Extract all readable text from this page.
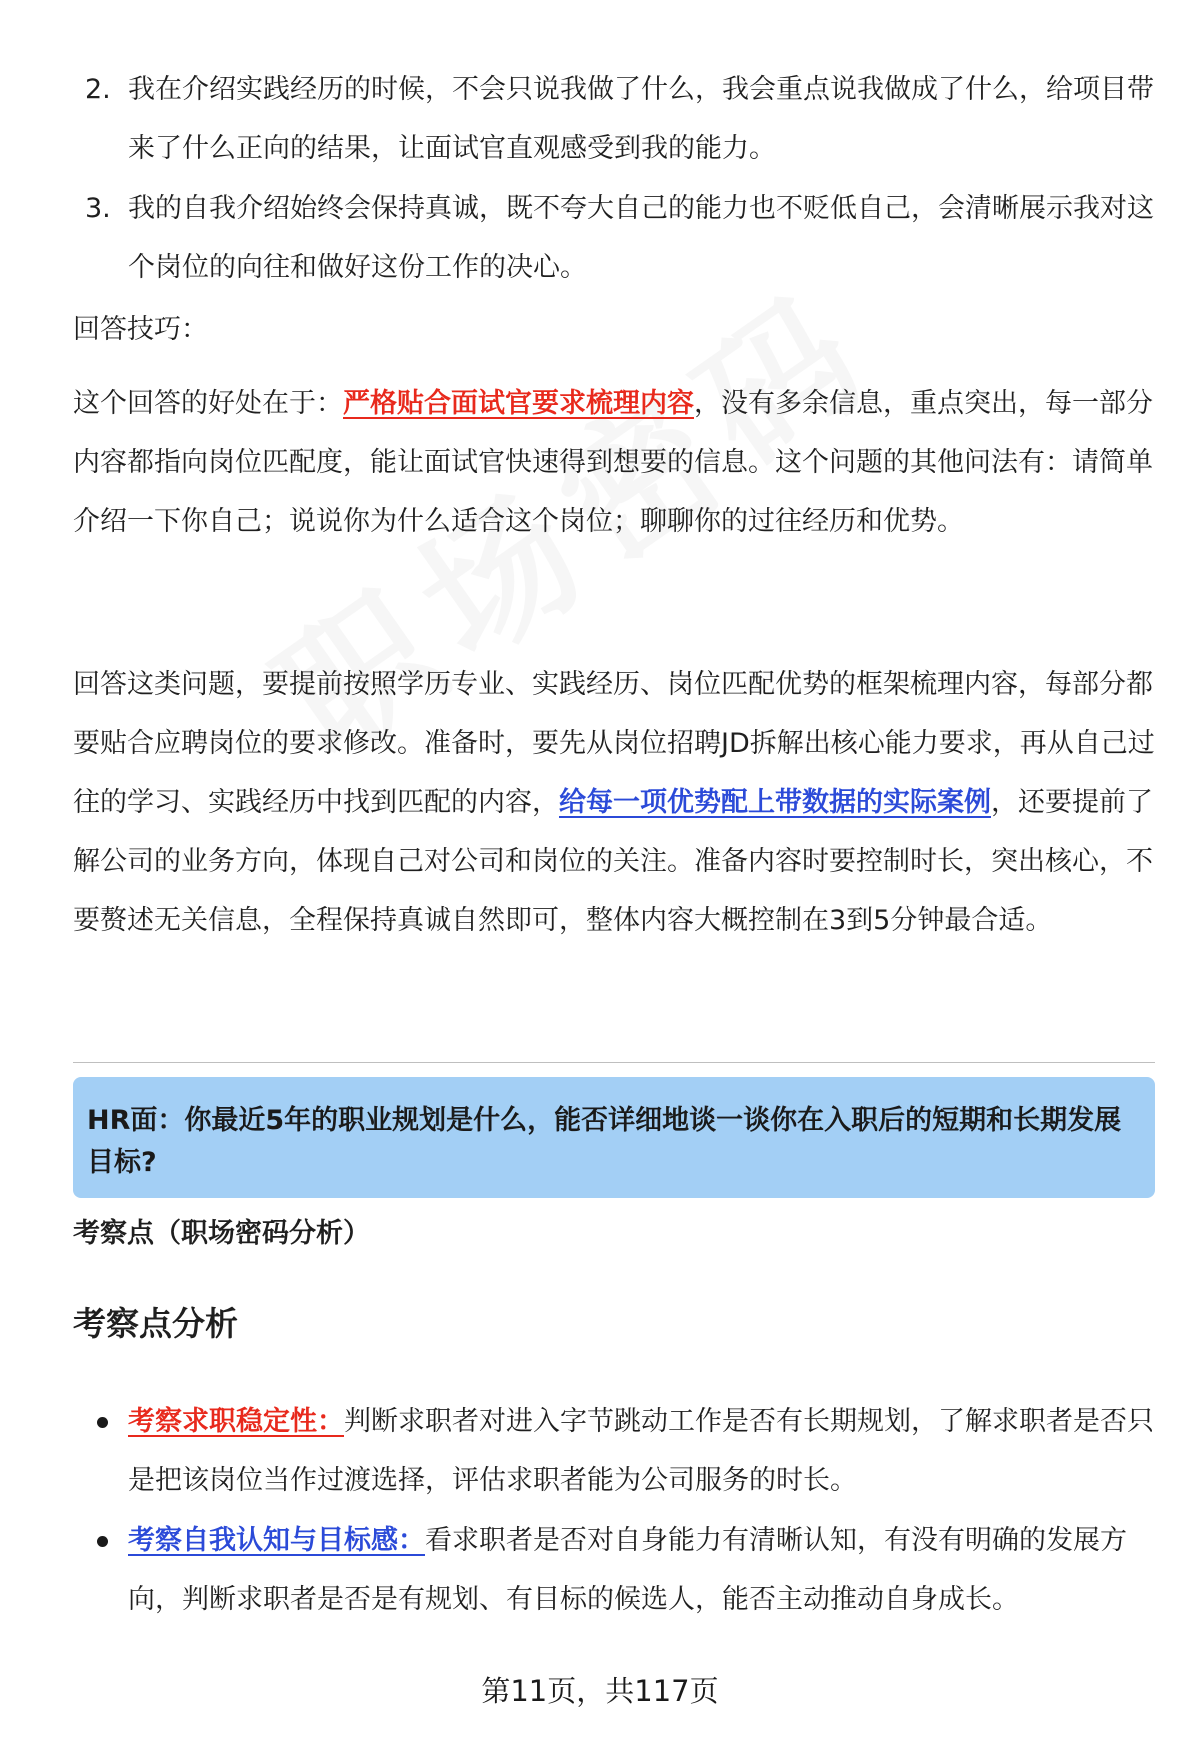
2. 我在介绍实践经历的时候，不会只说我做了什么，我会重点说我做成了什么，给项目带来了什么正向的结果，让面试官直观感受到我的能力。
3. 我的自我介绍始终会保持真诚，既不夸大自己的能力也不贬低自己，会清晰展示我对这个岗位的向往和做好这份工作的决心。

回答技巧：

这个回答的好处在于：严格贴合面试官要求梳理内容，没有多余信息，重点突出，每一部分内容都指向岗位匹配度，能让面试官快速得到想要的信息。这个问题的其他问法有：请简单介绍一下你自己；说说你为什么适合这个岗位；聊聊你的过往经历和优势。

回答这类问题，要提前按照学历专业、实践经历、岗位匹配优势的框架梳理内容，每部分都要贴合应聘岗位的要求修改。准备时，要先从岗位招聘JD拆解出核心能力要求，再从自己过往的学习、实践经历中找到匹配的内容，给每一项优势配上带数据的实际案例，还要提前了解公司的业务方向，体现自己对公司和岗位的关注。准备内容时要控制时长，突出核心，不要赘述无关信息，全程保持真诚自然即可，整体内容大概控制在3到5分钟最合适。

HR面：你最近5年的职业规划是什么，能否详细地谈一谈你在入职后的短期和长期发展目标?
考察点（职场密码分析）
考察点分析
考察求职稳定性：判断求职者对进入字节跳动工作是否有长期规划，了解求职者是否只是把该岗位当作过渡选择，评估求职者能为公司服务的时长。
考察自我认知与目标感：看求职者是否对自身能力有清晰认知，有没有明确的发展方向，判断求职者是否是有规划、有目标的候选人，能否主动推动自身成长。
第11页，共117页
